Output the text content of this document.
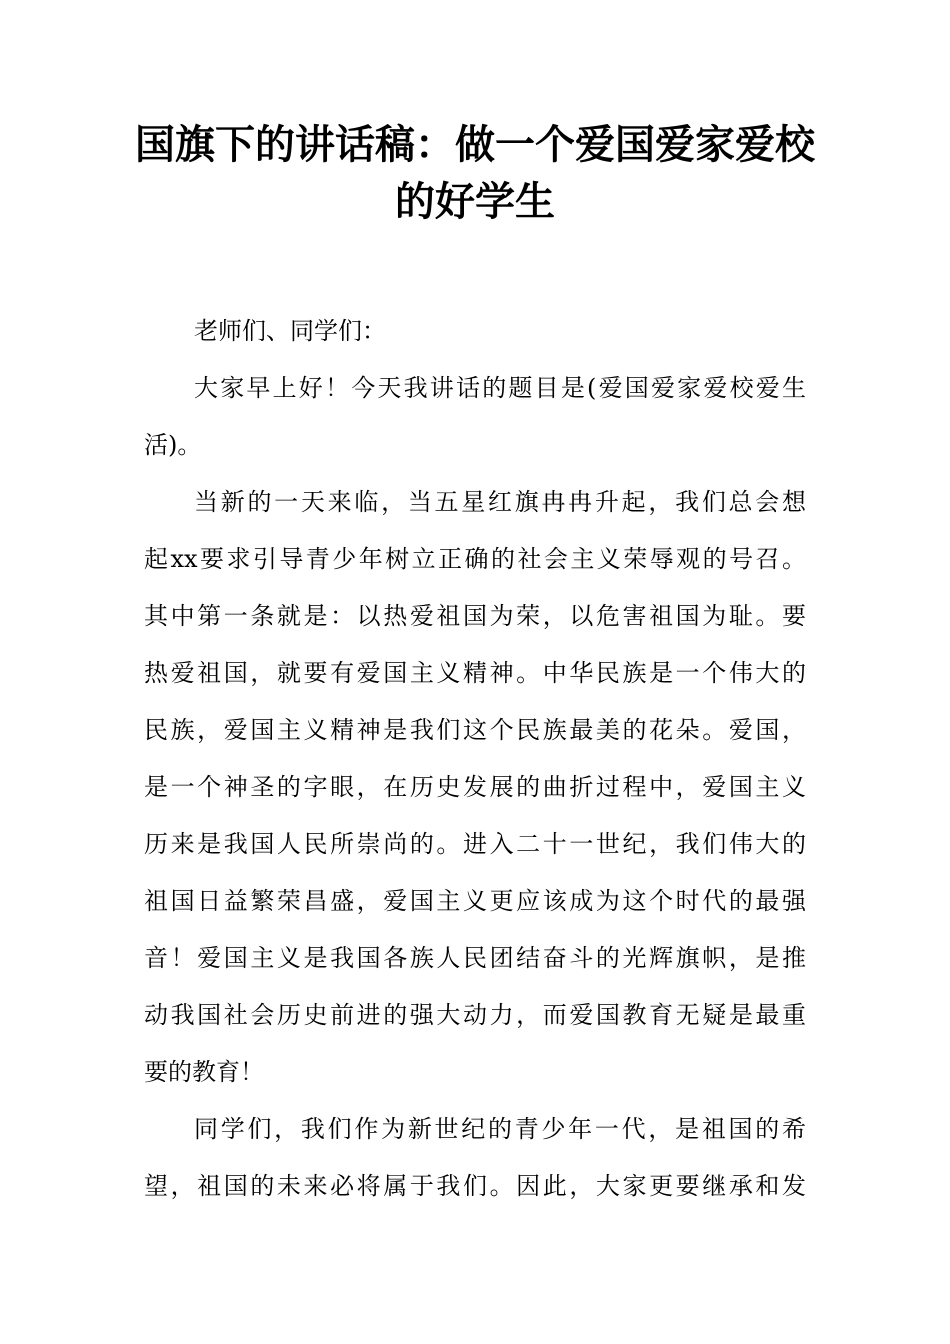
国旗下的讲话稿：做一个爱国爱家爱校
的好学生
老师们、同学们：
大家早上好！今天我讲话的题目是(爱国爱家爱校爱生
活)。
当新的一天来临，当五星红旗冉冉升起，我们总会想
起xx要求引导青少年树立正确的社会主义荣辱观的号召。
其中第一条就是：以热爱祖国为荣，以危害祖国为耻。要
热爱祖国，就要有爱国主义精神。中华民族是一个伟大的
民族，爱国主义精神是我们这个民族最美的花朵。爱国，
是一个神圣的字眼，在历史发展的曲折过程中，爱国主义
历来是我国人民所崇尚的。进入二十一世纪，我们伟大的
祖国日益繁荣昌盛，爱国主义更应该成为这个时代的最强
音！爱国主义是我国各族人民团结奋斗的光辉旗帜，是推
动我国社会历史前进的强大动力，而爱国教育无疑是最重
要的教育！
同学们，我们作为新世纪的青少年一代，是祖国的希
望，祖国的未来必将属于我们。因此，大家更要继承和发
